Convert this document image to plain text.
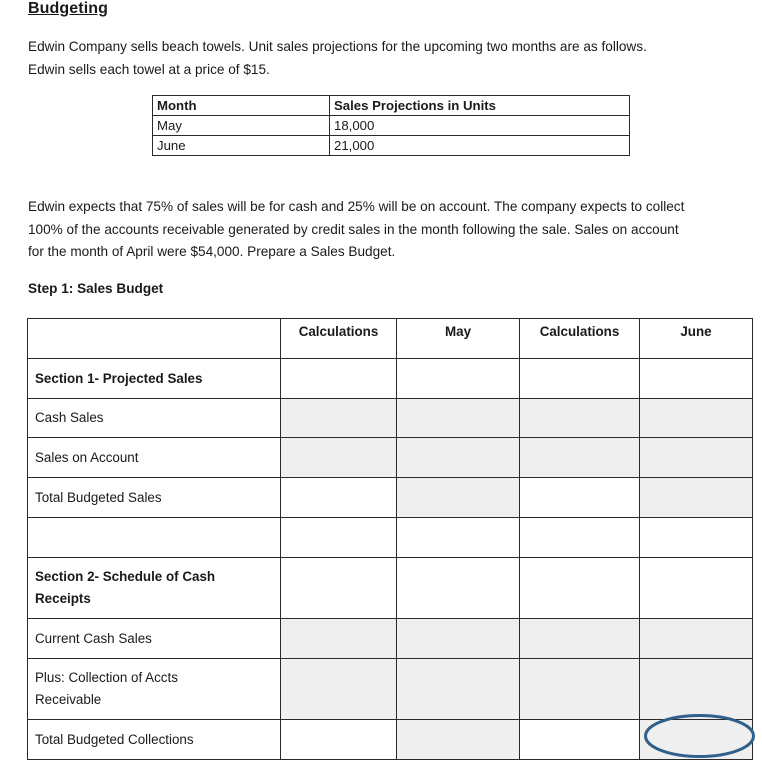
Budgeting
Edwin Company sells beach towels. Unit sales projections for the upcoming two months are as follows.
Edwin sells each towel at a price of $15.
Month	Sales Projections in Units
May	18,000
June	21,000
Edwin expects that 75% of sales will be for cash and 25% will be on account. The company expects to collect
100% of the accounts receivable generated by credit sales in the month following the sale. Sales on account
for the month of April were $54,000. Prepare a Sales Budget.
Step 1: Sales Budget
	Calculations	May	Calculations	June
Section 1- Projected Sales				
Cash Sales				
Sales on Account				
Total Budgeted Sales				

Section 2- Schedule of Cash
Receipts				

Current Cash Sales				

Plus: Collection of Accts
Receivable				

Total Budgeted Collections				
